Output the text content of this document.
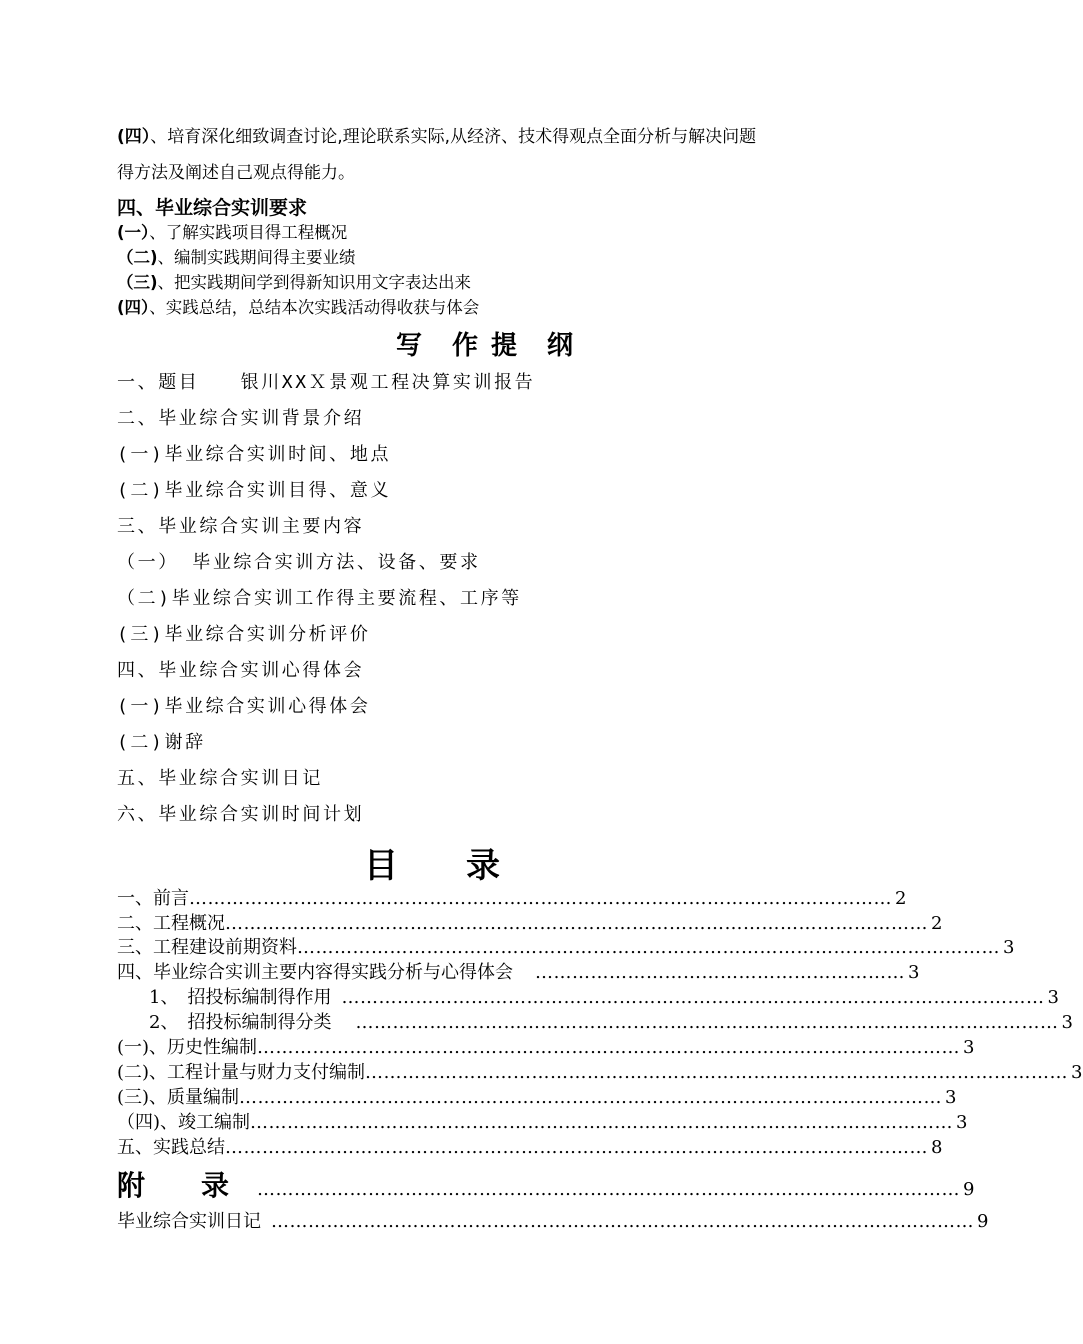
(四）、培育深化细致调查讨论,理论联系实际,从经济、技术得观点全面分析与解决问题
得方法及阐述自己观点得能力。
四、毕业综合实训要求
(一）、了解实践项目得工程概况
（二)、编制实践期间得主要业绩
（三)、把实践期间学到得新知识用文字表达出来
(四）、实践总结，总结本次实践活动得收获与体会
写　作 提　纲
一、题目　　银川XXＸ景观工程决算实训报告
二、毕业综合实训背景介绍
(一)毕业综合实训时间、地点
(二)毕业综合实训目得、意义
三、毕业综合实训主要内容
（一） 毕业综合实训方法、设备、要求
（二)毕业综合实训工作得主要流程、工序等
(三)毕业综合实训分析评价
四、毕业综合实训心得体会
(一)毕业综合实训心得体会
(二)谢辞
五、毕业综合实训日记
六、毕业综合实训时间计划
目　　录
一、前言 …………………………………………………………………………………………………… 2
二、工程概况 …………………………………………………………………………………………………… 2
三、工程建设前期资料 …………………………………………………………………………………………………… 3
四、毕业综合实训主要内容得实践分析与心得体会	…………………………………………………… 3
1、　招投标编制得作用 …………………………………………………………………………………………………… 3
2、　招投标编制得分类	…………………………………………………………………………………………………… 3
(一)、历史性编制 …………………………………………………………………………………………………… 3
(二)、工程计量与财力支付编制 …………………………………………………………………………………………………… 3
(三)、质量编制 …………………………………………………………………………………………………… 3
（四)、竣工编制 …………………………………………………………………………………………………… 3
五、实践总结 …………………………………………………………………………………………………… 8
附　　录	…………………………………………………………………………………………………… 9
毕业综合实训日记 …………………………………………………………………………………………………… 9
